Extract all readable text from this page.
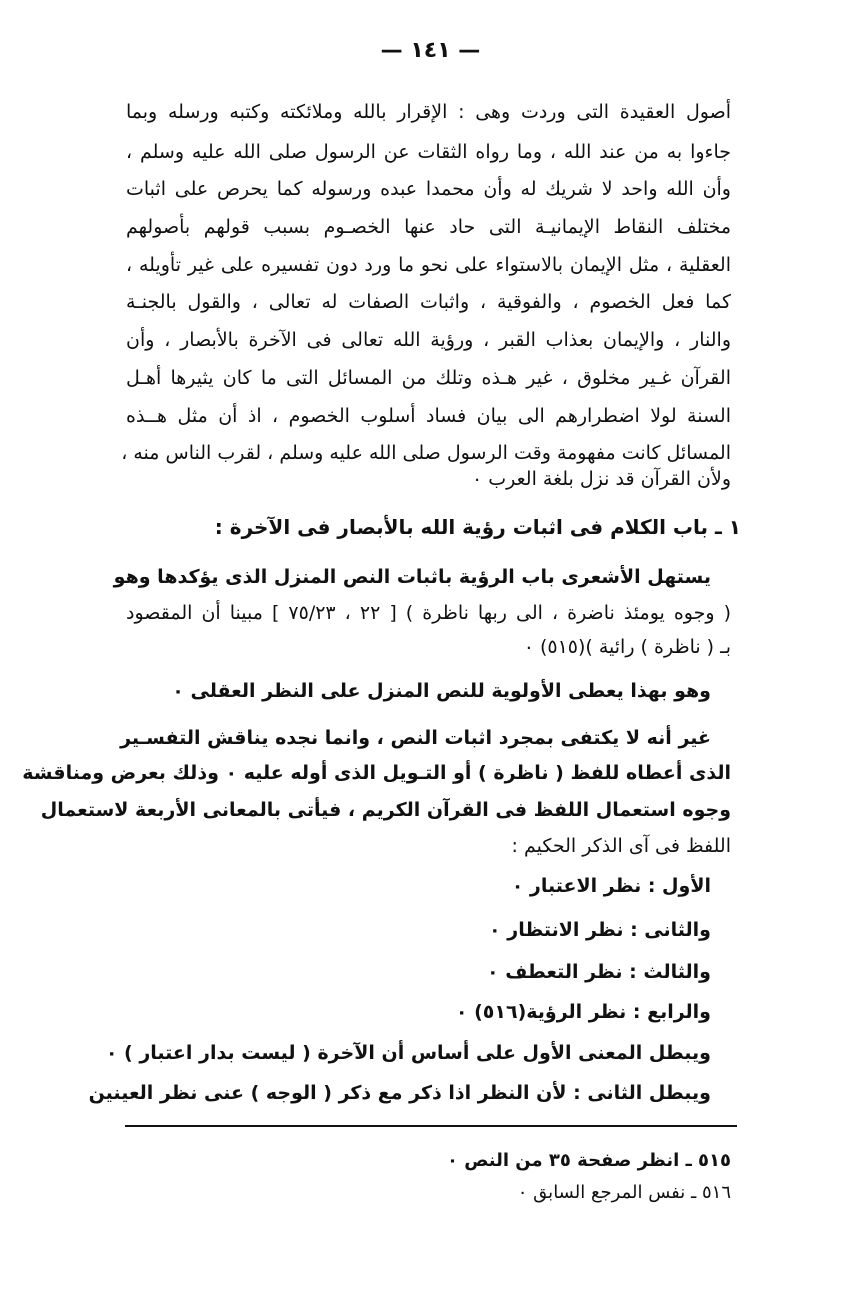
— ١٤١ —
أصول العقيدة التى وردت وهى : الإقرار بالله وملائكته وكتبه ورسله وبما
جاءوا به من عند الله ، وما رواه الثقات عن الرسول صلى الله عليه وسلم ،
وأن الله واحد لا شريك له وأن محمدا عبده ورسوله كما يحرص على اثبات
مختلف النقاط الإيمانيـة التى حاد عنها الخصـوم بسبب قولهم بأصولهم
العقلية ، مثل الإيمان بالاستواء على نحو ما ورد دون تفسيره على غير تأويله ،
كما فعل الخصوم ، والفوقية ، واثبات الصفات له تعالى ، والقول بالجنـة
والنار ، والإيمان بعذاب القبر ، ورؤية الله تعالى فى الآخرة بالأبصار ، وأن
القرآن غـير مخلوق ، غير هـذه وتلك من المسائل التى ما كان يثيرها أهـل
السنة لولا اضطرارهم الى بيان فساد أسلوب الخصوم ، اذ أن مثل هــذه
المسائل كانت مفهومة وقت الرسول صلى الله عليه وسلم ، لقرب الناس منه ،
ولأن القرآن قد نزل بلغة العرب ٠
١ ـ باب الكلام فى اثبات رؤية الله بالأبصار فى الآخرة :
يستهل الأشعرى باب الرؤية باثبات النص المنزل الذى يؤكدها وهو
( وجوه يومئذ ناضرة ، الى ربها ناظرة ) [ ٢٢ ، ٧٥/٢٣ ] مبينا أن المقصود
بـ ( ناظرة ) رائية )(٥١٥) ٠
وهو بهذا يعطى الأولوية للنص المنزل على النظر العقلى ٠
غير أنه لا يكتفى بمجرد اثبات النص ، وانما نجده يناقش التفسـير
الذى أعطاه للفظ ( ناظرة ) أو التـويل الذى أوله عليه ٠ وذلك بعرض ومناقشة
وجوه استعمال اللفظ فى القرآن الكريم ، فيأتى بالمعانى الأربعة لاستعمال
اللفظ فى آى الذكر الحكيم :
الأول : نظر الاعتبار ٠
والثانى : نظر الانتظار ٠
والثالث : نظر التعطف ٠
والرابع : نظر الرؤية(٥١٦) ٠
ويبطل المعنى الأول على أساس أن الآخرة ( ليست بدار اعتبار ) ٠
ويبطل الثانى : لأن النظر اذا ذكر مع ذكر ( الوجه ) عنى نظر العينين
٥١٥ ـ انظر صفحة ٣٥ من النص ٠
٥١٦ ـ نفس المرجع السابق ٠
